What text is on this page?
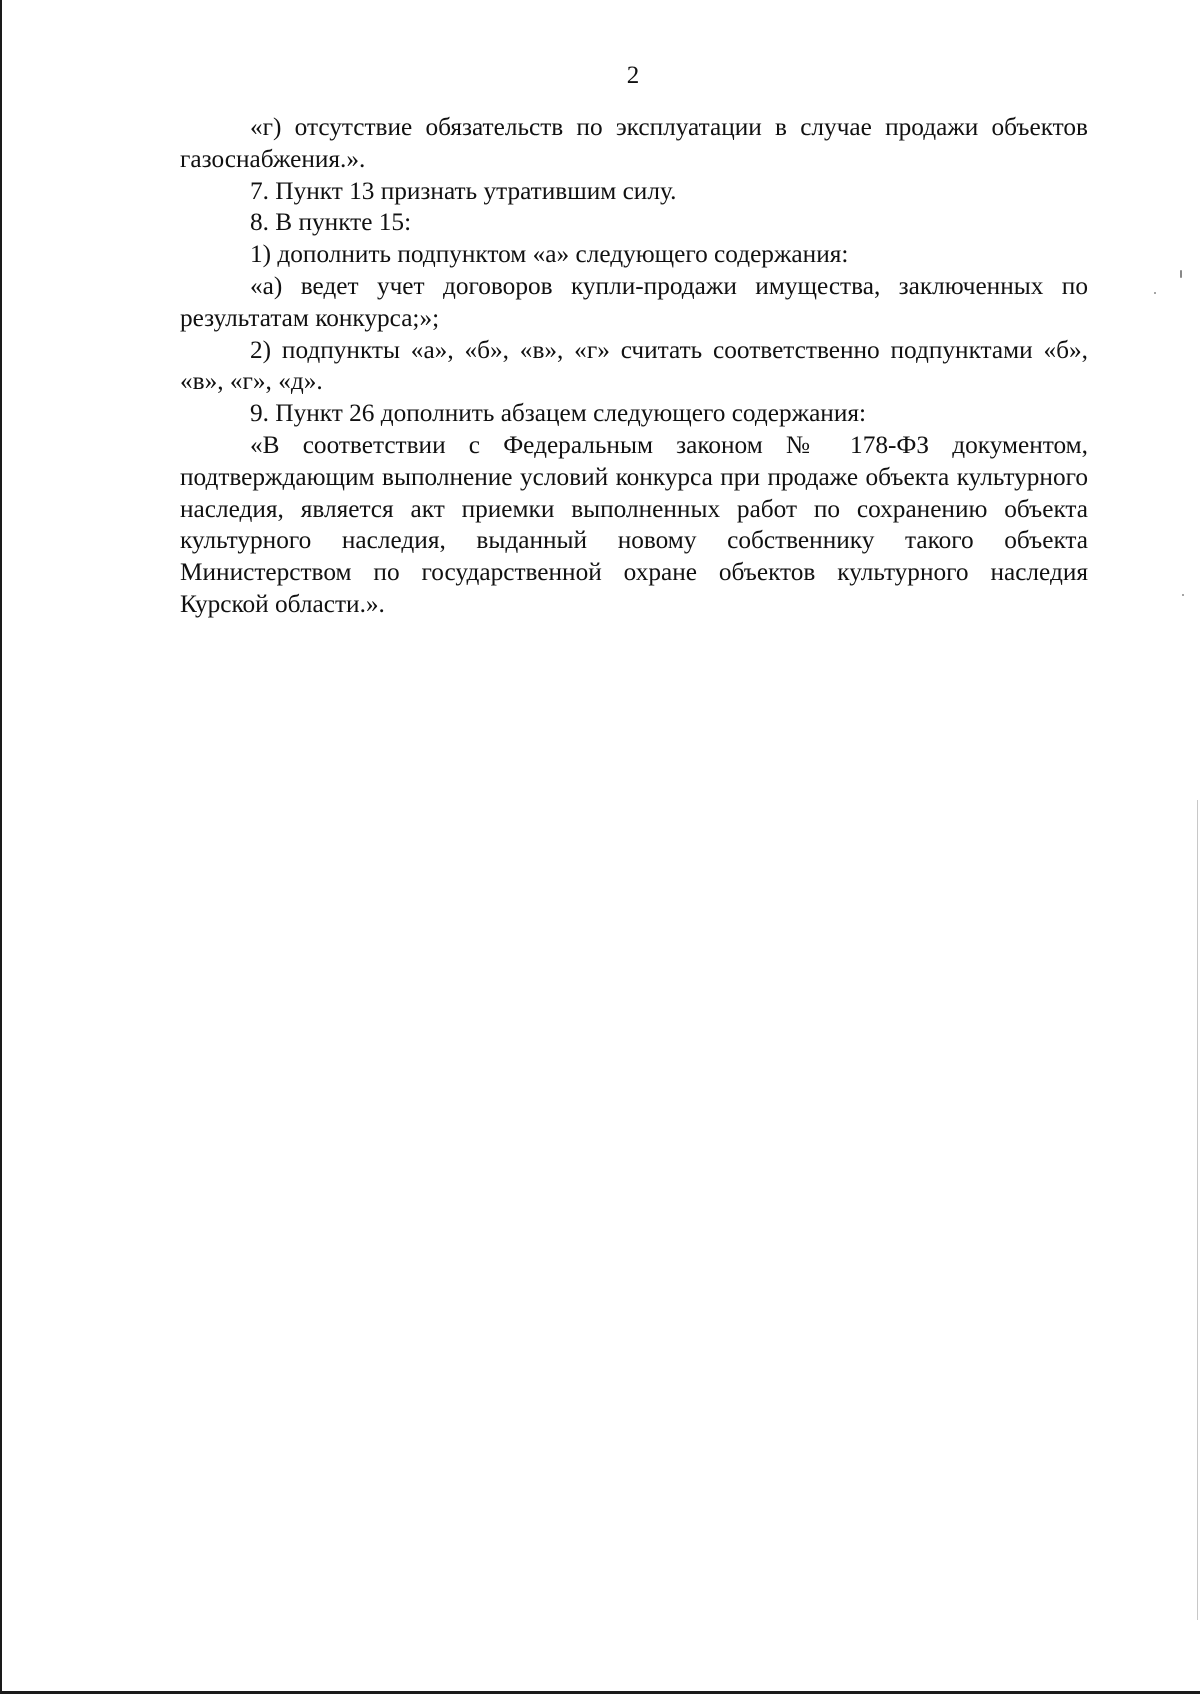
2

«г) отсутствие обязательств по эксплуатации в случае продажи объектов газоснабжения.».

7. Пункт 13 признать утратившим силу.

8. В пункте 15:

1) дополнить подпунктом «а» следующего содержания:

«а) ведет учет договоров купли-продажи имущества, заключенных по результатам конкурса;»;

2) подпункты «а», «б», «в», «г» считать соответственно подпунктами «б», «в», «г», «д».

9. Пункт 26 дополнить абзацем следующего содержания:

«В соответствии с Федеральным законом № 178-ФЗ документом, подтверждающим выполнение условий конкурса при продаже объекта культурного наследия, является акт приемки выполненных работ по сохранению объекта культурного наследия, выданный новому собственнику такого объекта Министерством по государственной охране объектов культурного наследия Курской области.».
